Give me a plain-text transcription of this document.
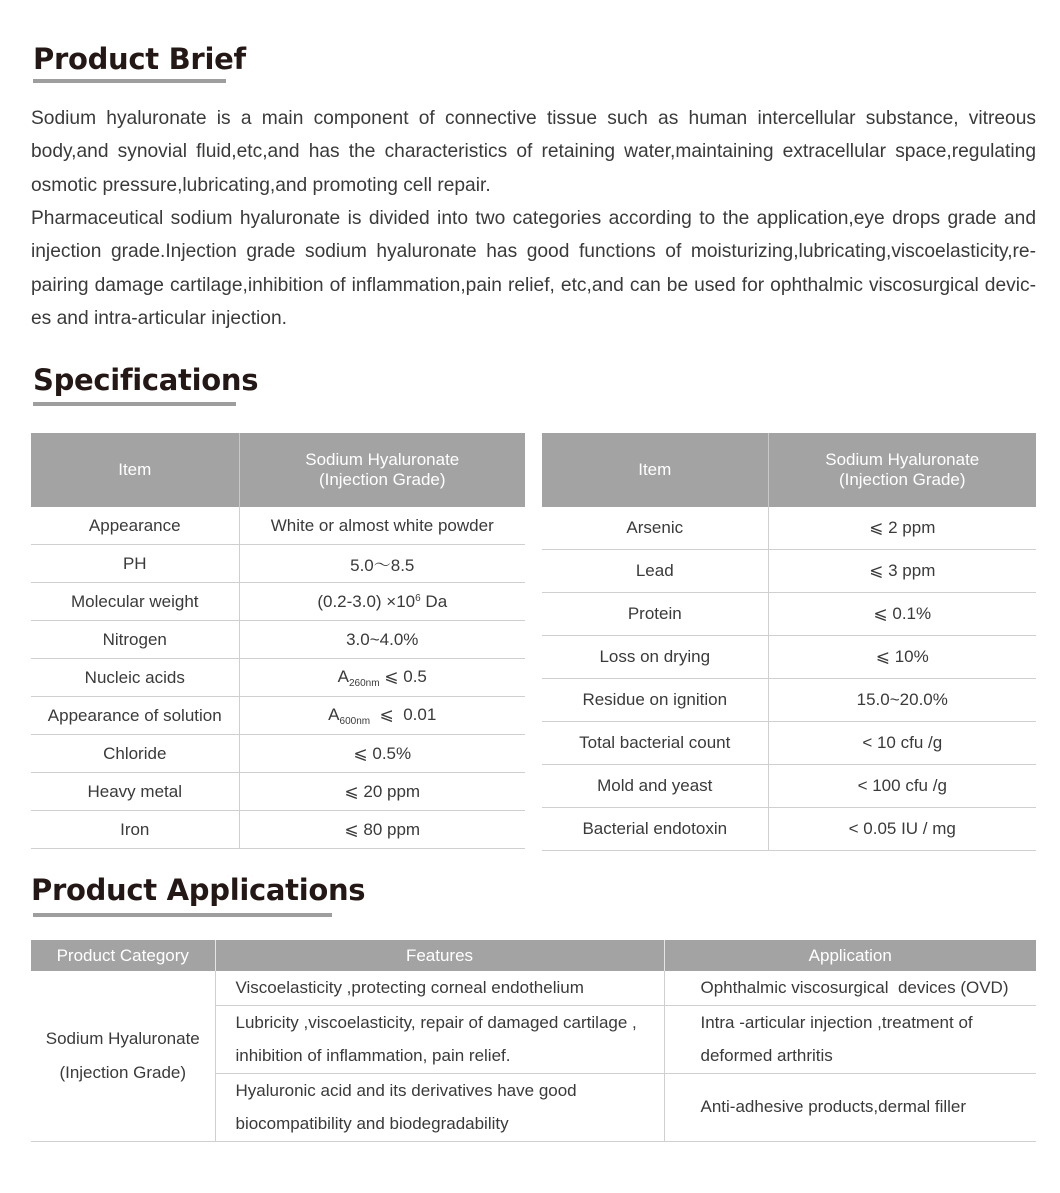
Product Brief

Sodium hyaluronate is a main component of connective tissue such as human intercellular substance, vitreous body,and synovial fluid,etc,and has the characteristics of retaining water,maintaining extracellular space,regulating osmotic pressure,lubricating,and promoting cell repair.

Pharmaceutical sodium hyaluronate is divided into two categories according to the application,eye drops grade and injection grade.Injection grade sodium hyaluronate has good functions of moisturizing,lubricating,viscoelasticity,re-pairing damage cartilage,inhibition of inflammation,pain relief, etc,and can be used for ophthalmic viscosurgical devic-es and intra-articular injection.

Specifications
Item	Sodium Hyaluronate
(Injection Grade)
Appearance	White or almost white powder
PH	5.0～8.5
Molecular weight	$(0.2-3.0) \times 10^6$ Da
Nitrogen	3.0~4.0%
Nucleic acids	$A_{260nm}$ ⩽ 0.5
Appearance of solution	$A_{600nm}$  ⩽  0.01
Chloride	⩽ 0.5%
Heavy metal	⩽ 20 ppm
Iron	⩽ 80 ppm
Item	Sodium Hyaluronate
(Injection Grade)
Arsenic	⩽ 2 ppm
Lead	⩽ 3 ppm
Protein	⩽ 0.1%
Loss on drying	⩽ 10%
Residue on ignition	15.0~20.0%
Total bacterial count	< 10 cfu /g
Mold and yeast	< 100 cfu /g
Bacterial endotoxin	< 0.05 IU / mg
Product Applications
Product Category	Features	Application
Sodium Hyaluronate
(Injection Grade)	Viscoelasticity ,protecting corneal endothelium	Ophthalmic viscosurgical  devices (OVD)
	Lubricity ,viscoelasticity, repair of damaged cartilage , inhibition of inflammation, pain relief.	Intra -articular injection ,treatment of deformed arthritis
	Hyaluronic acid and its derivatives have good biocompatibility and biodegradability	Anti-adhesive products,dermal filler
